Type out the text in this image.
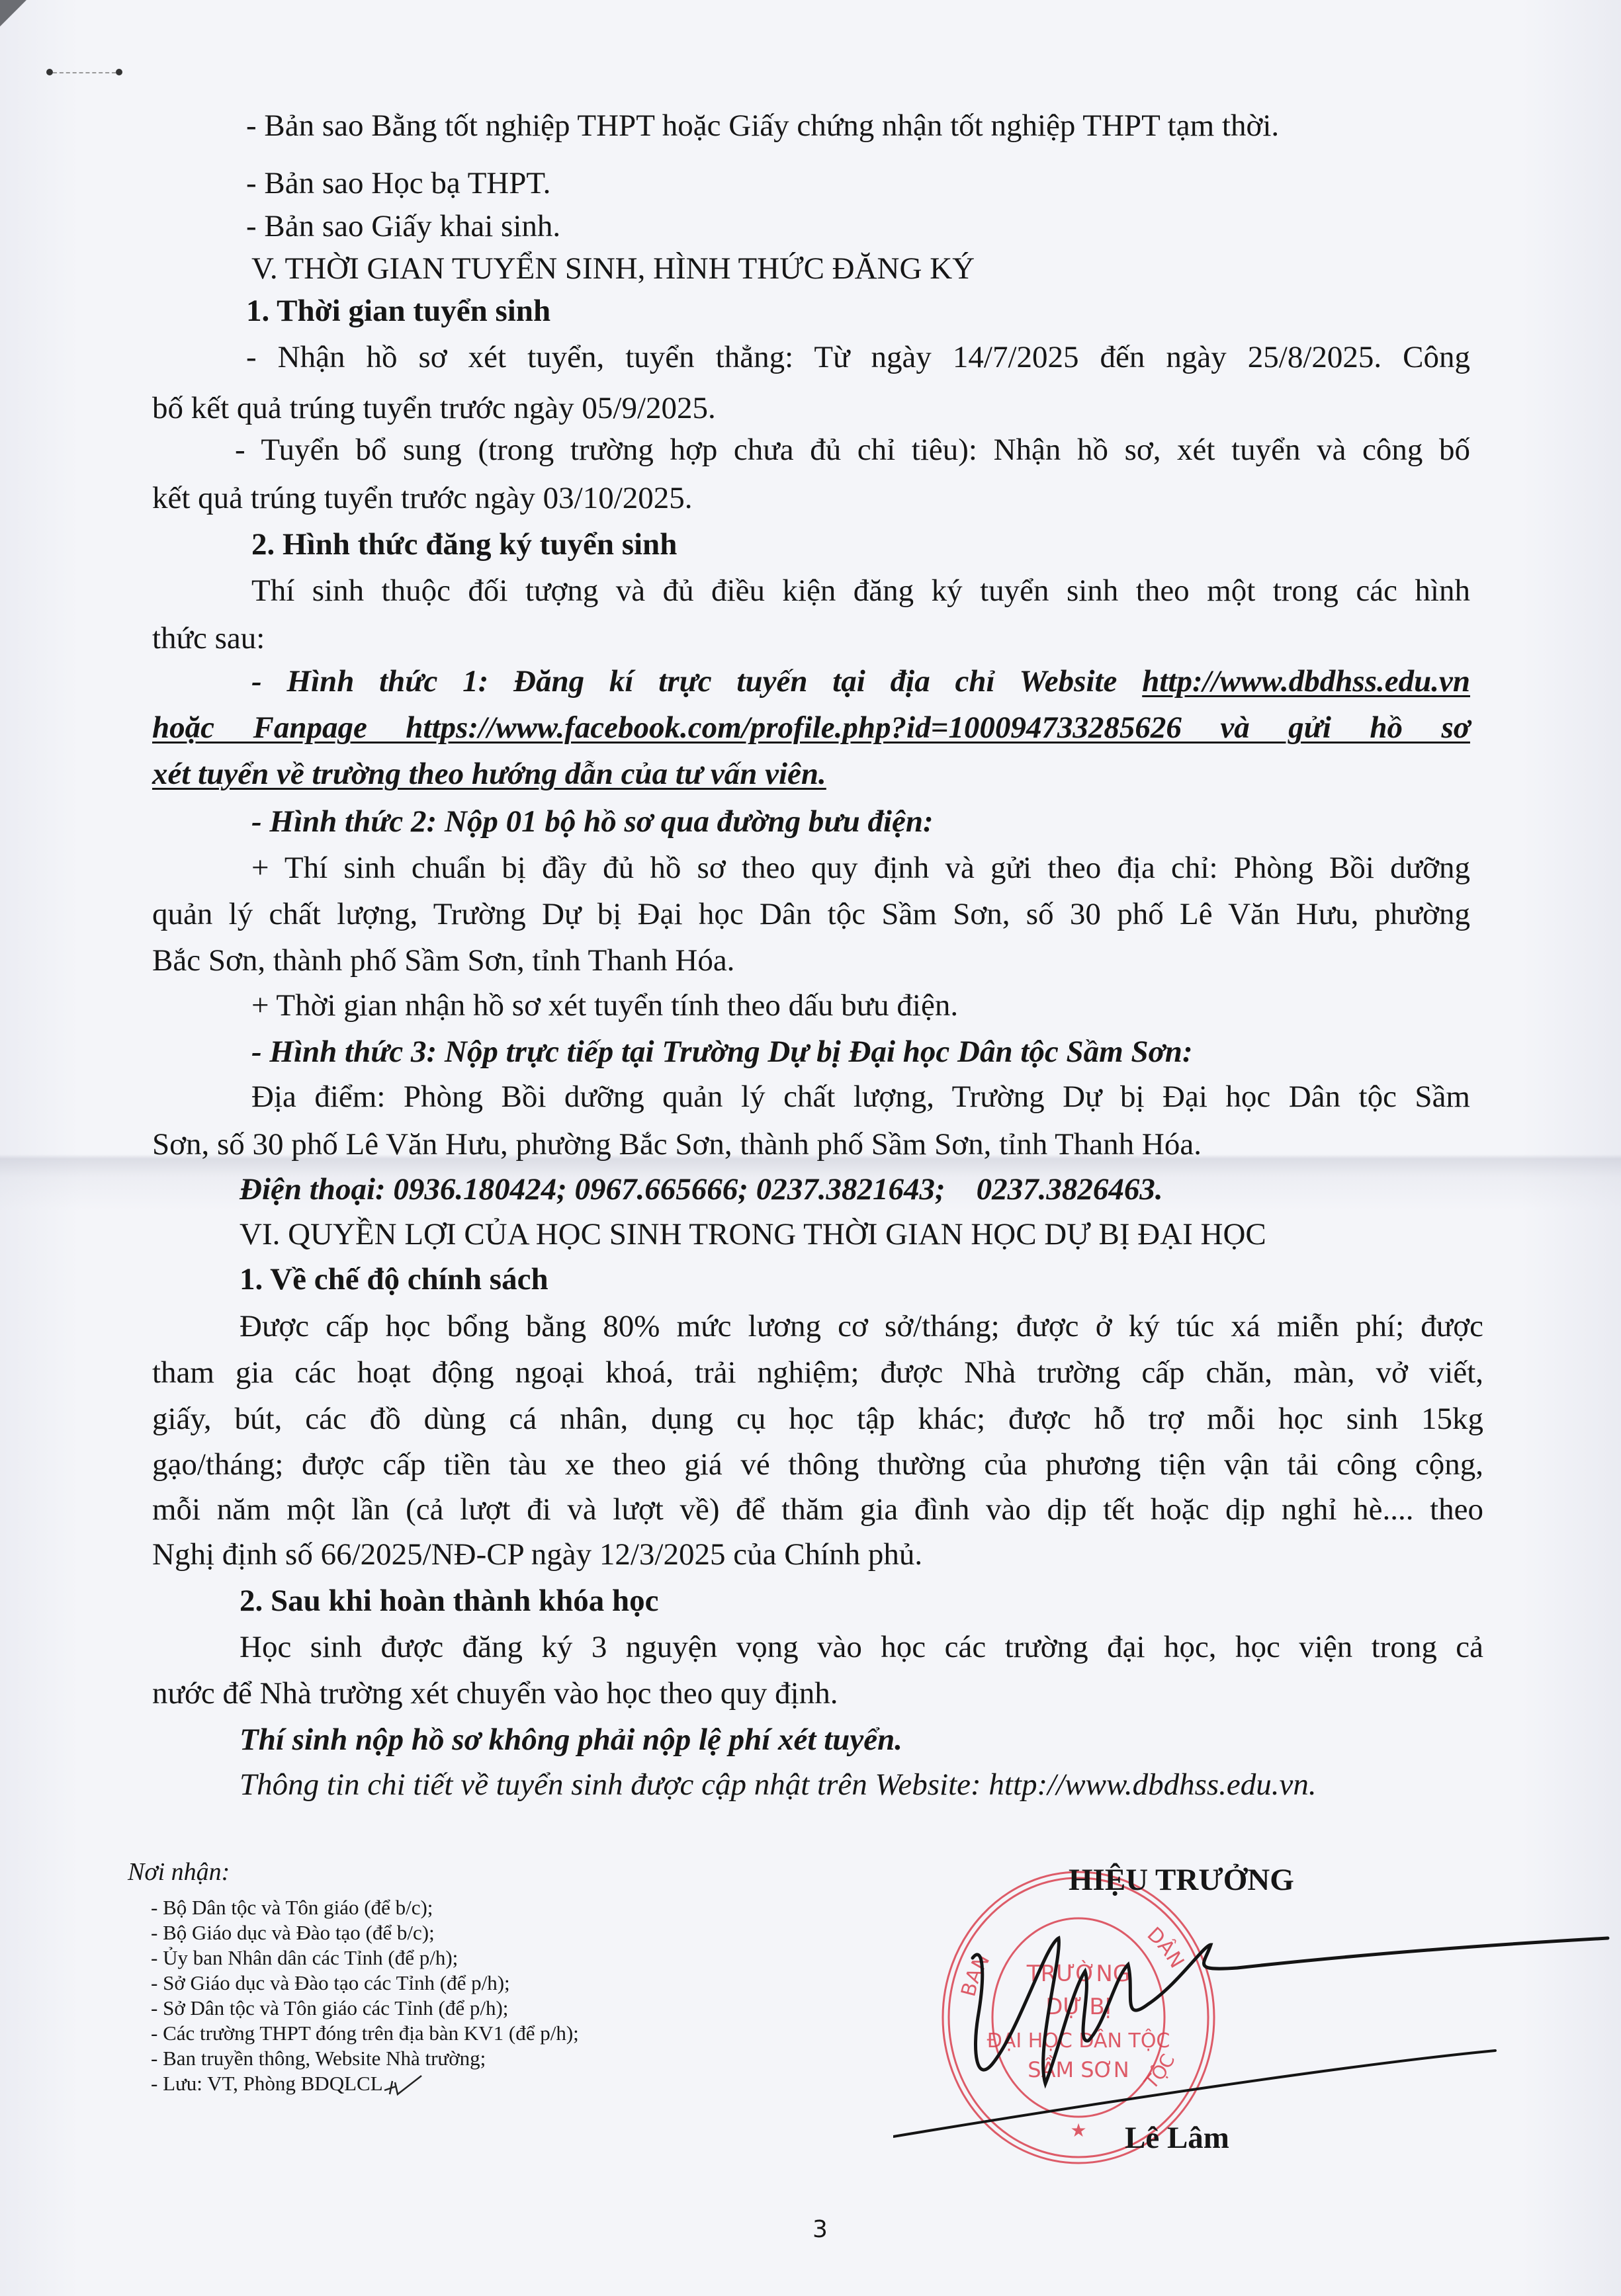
- Bản sao Bằng tốt nghiệp THPT hoặc Giấy chứng nhận tốt nghiệp THPT tạm thời.
- Bản sao Học bạ THPT.
- Bản sao Giấy khai sinh.
V. THỜI GIAN TUYỂN SINH, HÌNH THỨC ĐĂNG KÝ
1. Thời gian tuyển sinh
- Nhận hồ sơ xét tuyển, tuyển thẳng: Từ ngày 14/7/2025 đến ngày 25/8/2025. Công
bố kết quả trúng tuyển trước ngày 05/9/2025.
- Tuyển bổ sung (trong trường hợp chưa đủ chỉ tiêu): Nhận hồ sơ, xét tuyển và công bố
kết quả trúng tuyển trước ngày 03/10/2025.
2. Hình thức đăng ký tuyển sinh
Thí sinh thuộc đối tượng và đủ điều kiện đăng ký tuyển sinh theo một trong các hình
thức sau:
- Hình thức 1: Đăng kí trực tuyến tại địa chỉ Website http://www.dbdhss.edu.vn
hoặc Fanpage https://www.facebook.com/profile.php?id=100094733285626 và gửi hồ sơ
xét tuyển về trường theo hướng dẫn của tư vấn viên.
- Hình thức 2: Nộp 01 bộ hồ sơ qua đường bưu điện:
+ Thí sinh chuẩn bị đầy đủ hồ sơ theo quy định và gửi theo địa chỉ: Phòng Bồi dưỡng
quản lý chất lượng, Trường Dự bị Đại học Dân tộc Sầm Sơn, số 30 phố Lê Văn Hưu, phường
Bắc Sơn, thành phố Sầm Sơn, tỉnh Thanh Hóa.
+ Thời gian nhận hồ sơ xét tuyển tính theo dấu bưu điện.
- Hình thức 3: Nộp trực tiếp tại Trường Dự bị Đại học Dân tộc Sầm Sơn:
Địa điểm: Phòng Bồi dưỡng quản lý chất lượng, Trường Dự bị Đại học Dân tộc Sầm
Sơn, số 30 phố Lê Văn Hưu, phường Bắc Sơn, thành phố Sầm Sơn, tỉnh Thanh Hóa.
Điện thoại: 0936.180424; 0967.665666; 0237.3821643;    0237.3826463.
VI. QUYỀN LỢI CỦA HỌC SINH TRONG THỜI GIAN HỌC DỰ BỊ ĐẠI HỌC
1. Về chế độ chính sách
Được cấp học bổng bằng 80% mức lương cơ sở/tháng; được ở ký túc xá miễn phí; được
tham gia các hoạt động ngoại khoá, trải nghiệm; được Nhà trường cấp chăn, màn, vở viết,
giấy, bút, các đồ dùng cá nhân, dụng cụ học tập khác; được hỗ trợ mỗi học sinh 15kg
gạo/tháng; được cấp tiền tàu xe theo giá vé thông thường của phương tiện vận tải công cộng,
mỗi năm một lần (cả lượt đi và lượt về) để thăm gia đình vào dịp tết hoặc dịp nghỉ hè.... theo
Nghị định số 66/2025/NĐ-CP ngày 12/3/2025 của Chính phủ.
2. Sau khi hoàn thành khóa học
Học sinh được đăng ký 3 nguyện vọng vào học các trường đại học, học viện trong cả
nước để Nhà trường xét chuyển vào học theo quy định.
Thí sinh nộp hồ sơ không phải nộp lệ phí xét tuyển.
Thông tin chi tiết về tuyển sinh được cập nhật trên Website: http://www.dbdhss.edu.vn.
Nơi nhận:
- Bộ Dân tộc và Tôn giáo (để b/c);
- Bộ Giáo dục và Đào tạo (để b/c);
- Ủy ban Nhân dân các Tỉnh (để p/h);
- Sở Giáo dục và Đào tạo các Tỉnh (để p/h);
- Sở Dân tộc và Tôn giáo các Tỉnh (để p/h);
- Các trường THPT đóng trên địa bàn KV1 (để p/h);
- Ban truyền thông, Website Nhà trường;
- Lưu: VT, Phòng BDQLCL
BAN
DÂN
TỘC
TRƯỜNG
DỰ BỊ
ĐẠI HỌC DÂN TỘC
SẦM SƠN
★
HIỆU TRƯỞNG
Lê Lâm
3
